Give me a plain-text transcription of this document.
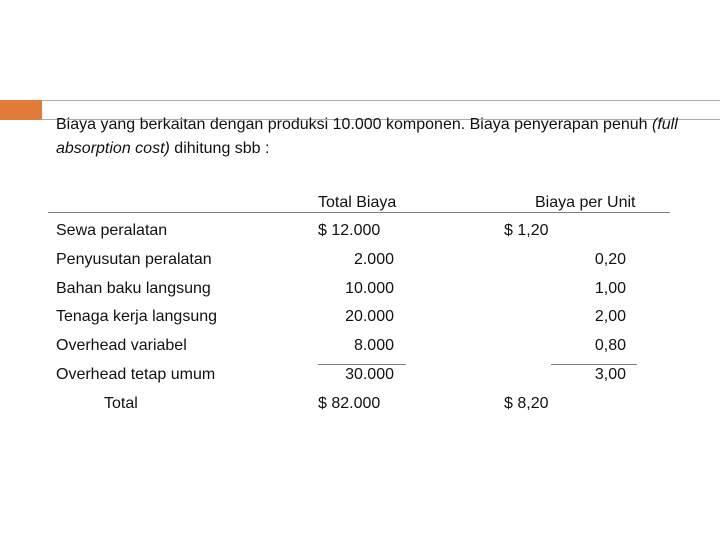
Biaya yang berkaitan dengan produksi 10.000 komponen. Biaya penyerapan penuh (full absorption cost) dihitung sbb :
Total Biaya	Biaya per Unit
Sewa peralatan	$ 12.000	$ 1,20
Penyusutan peralatan	2.000	0,20
Bahan baku langsung	10.000	1,00
Tenaga kerja langsung	20.000	2,00
Overhead variabel	8.000	0,80
Overhead tetap umum	30.000	3,00
Total	$ 82.000	$ 8,20
